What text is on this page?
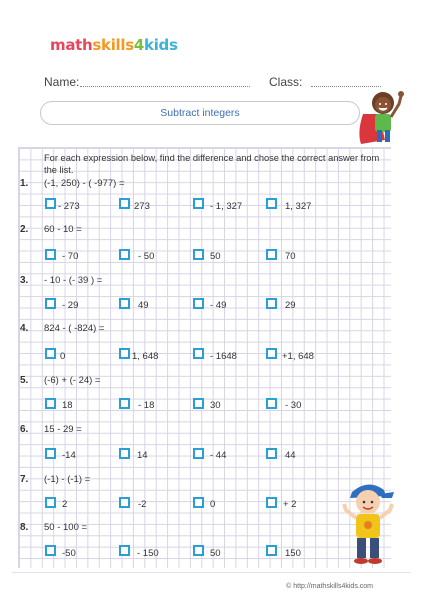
mathskills4kids
Name:	Class:
Subtract integers
For each expression below, find the difference and chose the correct answer from the list.
1. (-1, 250) - ( -977) =
- 273	273	- 1, 327	1, 327
2. 60 - 10 =
- 70	- 50	50	70
3. - 10 - (- 39 ) =
- 29	49	- 49	29
4. 824 - ( -824) =
0	1, 648	- 1648	+1, 648
5. (-6) + (- 24) =
18	- 18	30	- 30
6. 15 - 29 =
-14	14	- 44	44
7. (-1) - (-1) =
2	-2	0	+ 2
8. 50 - 100 =
-50	- 150	50	150
© http://mathskills4kids.com
